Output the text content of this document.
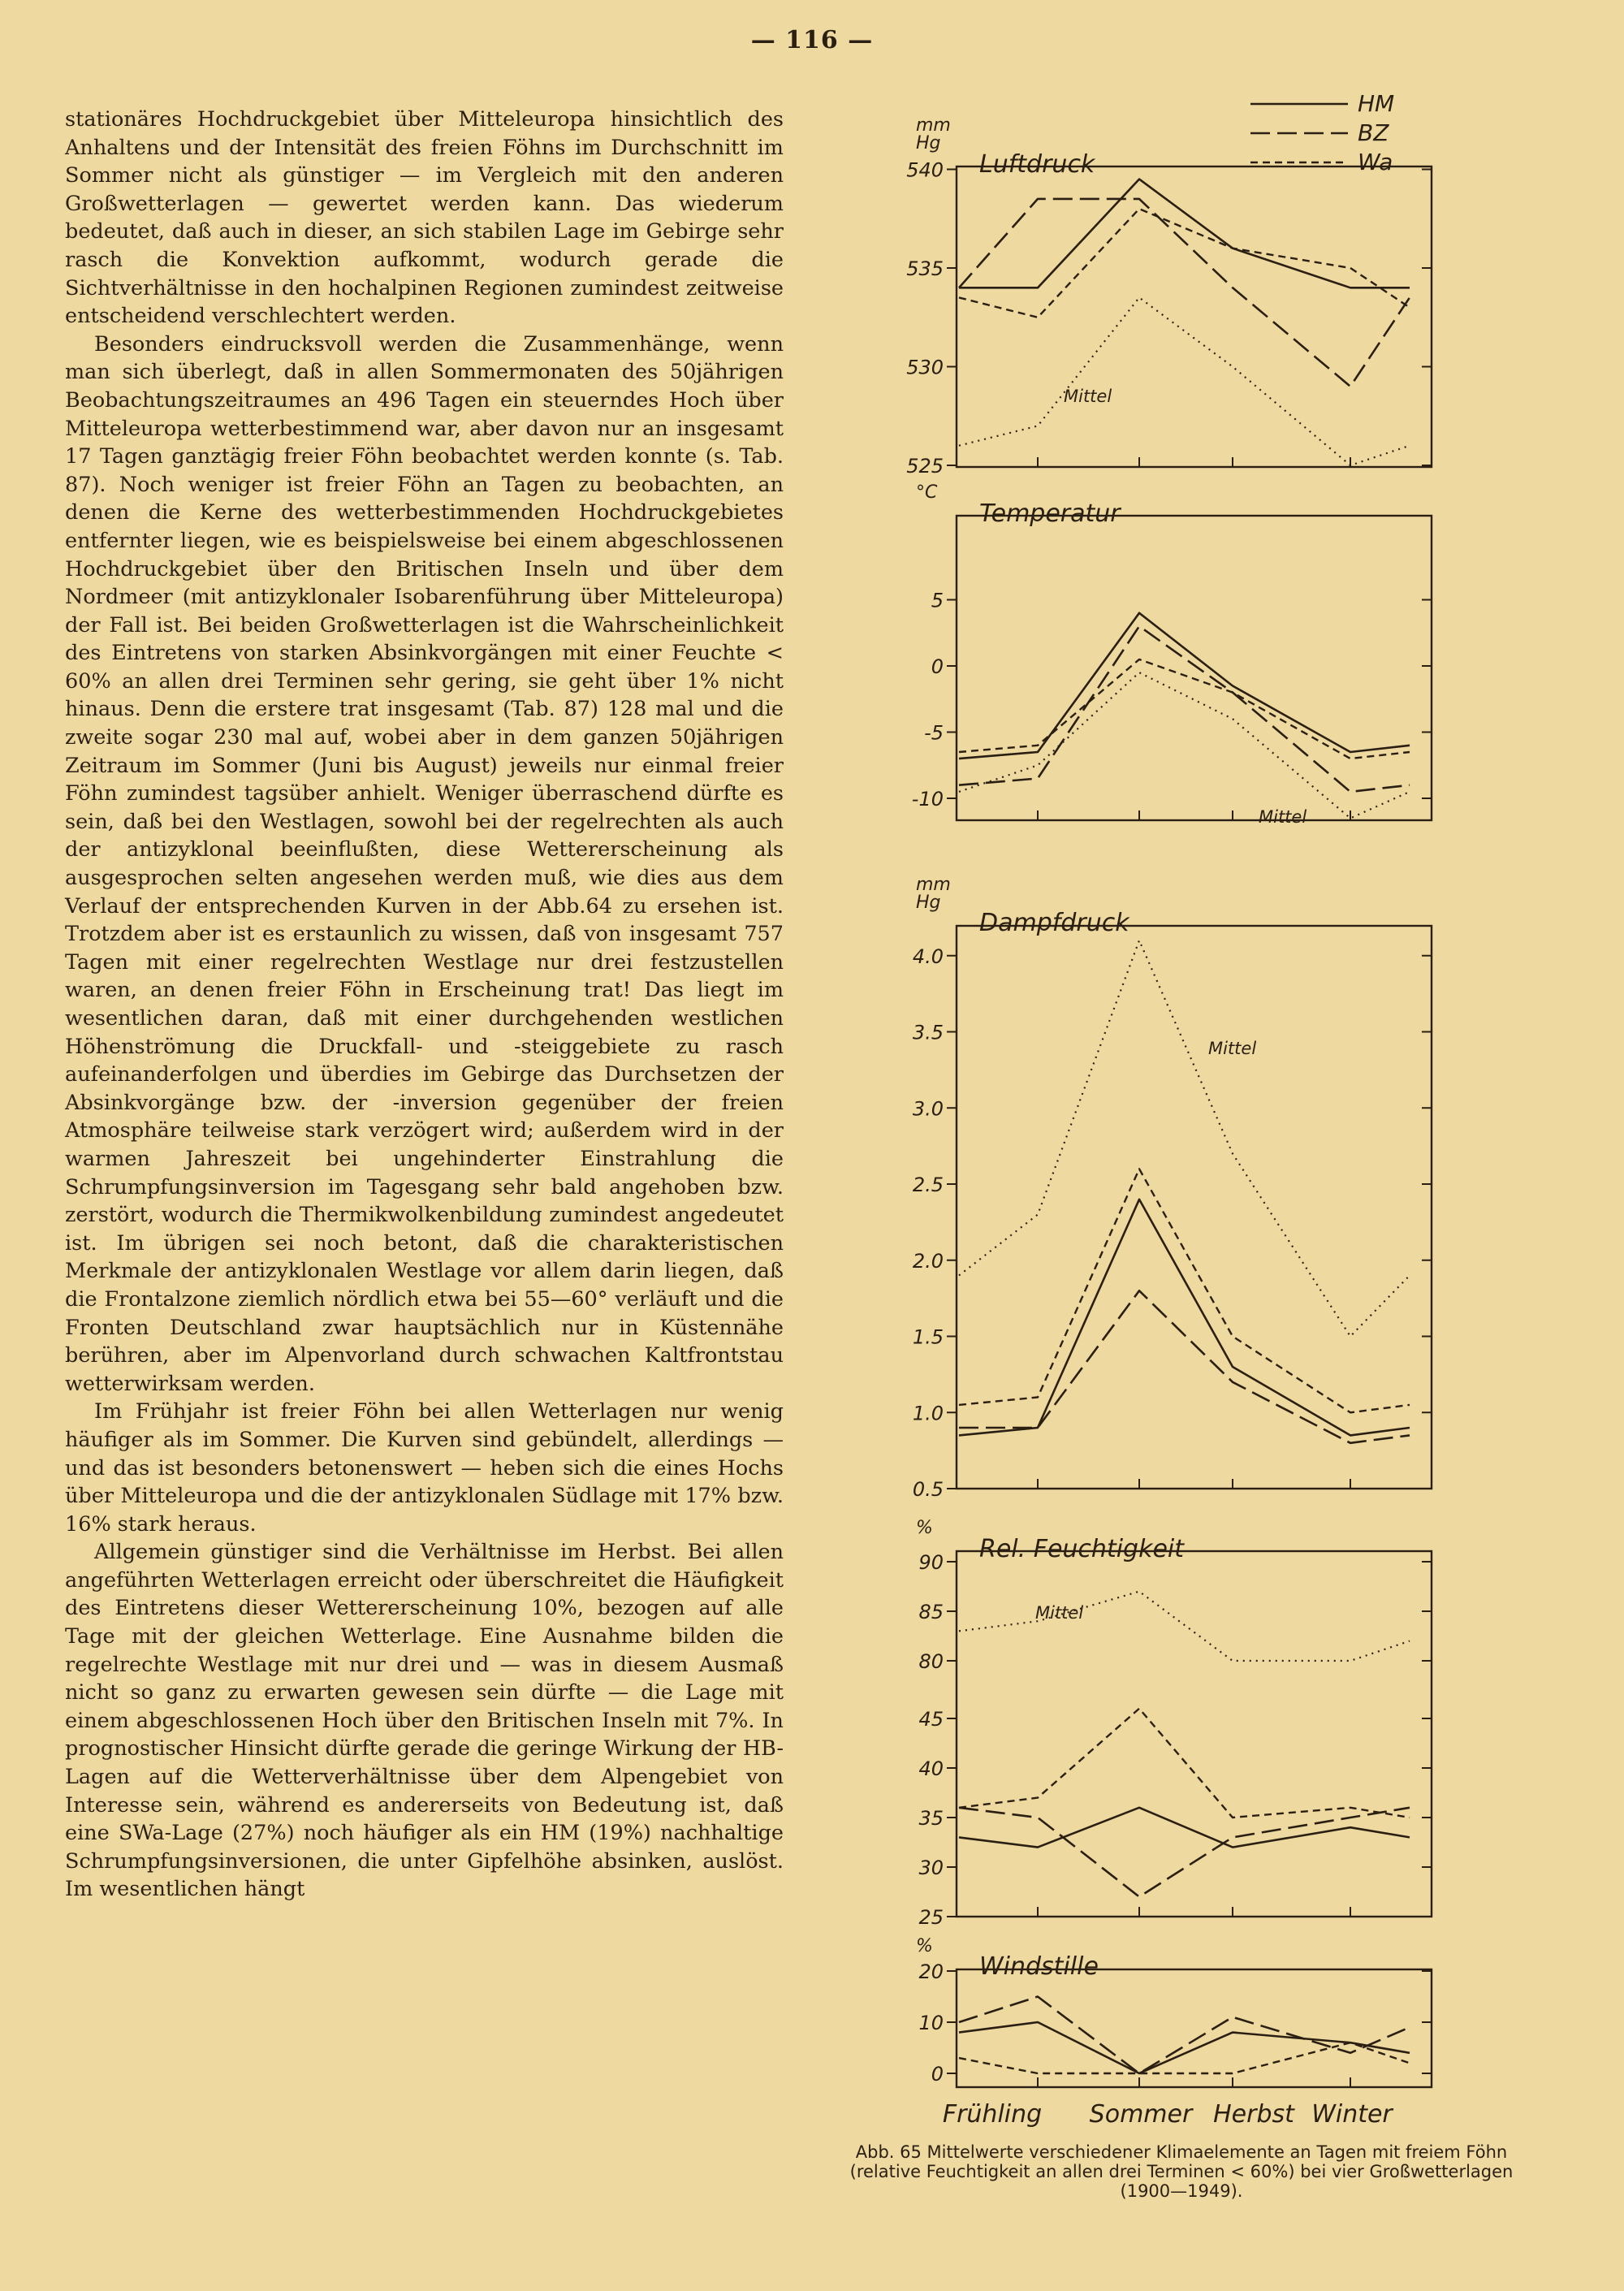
— 116 —

stationäres Hochdruckgebiet über Mitteleuropa hinsichtlich des Anhaltens und der Intensität des freien Föhns im Durchschnitt im Sommer nicht als günstiger — im Vergleich mit den anderen Großwetterlagen — gewertet werden kann. Das wiederum bedeutet, daß auch in dieser, an sich stabilen Lage im Gebirge sehr rasch die Konvektion aufkommt, wodurch gerade die Sichtverhältnisse in den hochalpinen Regionen zumindest zeitweise entscheidend verschlechtert werden.

Besonders eindrucksvoll werden die Zusammenhänge, wenn man sich überlegt, daß in allen Sommermonaten des 50jährigen Beobachtungszeitraumes an 496 Tagen ein steuerndes Hoch über Mitteleuropa wetterbestimmend war, aber davon nur an insgesamt 17 Tagen ganztägig freier Föhn beobachtet werden konnte (s. Tab. 87). Noch weniger ist freier Föhn an Tagen zu beobachten, an denen die Kerne des wetterbestimmenden Hochdruckgebietes entfernter liegen, wie es beispielsweise bei einem abgeschlossenen Hochdruckgebiet über den Britischen Inseln und über dem Nordmeer (mit antizyklonaler Isobarenführung über Mitteleuropa) der Fall ist. Bei beiden Großwetterlagen ist die Wahrscheinlichkeit des Eintretens von starken Absinkvorgängen mit einer Feuchte < 60% an allen drei Terminen sehr gering, sie geht über 1% nicht hinaus. Denn die erstere trat insgesamt (Tab. 87) 128 mal und die zweite sogar 230 mal auf, wobei aber in dem ganzen 50jährigen Zeitraum im Sommer (Juni bis August) jeweils nur einmal freier Föhn zumindest tagsüber anhielt. Weniger überraschend dürfte es sein, daß bei den Westlagen, sowohl bei der regelrechten als auch der antizyklonal beeinflußten, diese Wettererscheinung als ausgesprochen selten angesehen werden muß, wie dies aus dem Verlauf der entsprechenden Kurven in der Abb.64 zu ersehen ist. Trotzdem aber ist es erstaunlich zu wissen, daß von insgesamt 757 Tagen mit einer regelrechten Westlage nur drei festzustellen waren, an denen freier Föhn in Erscheinung trat! Das liegt im wesentlichen daran, daß mit einer durchgehenden westlichen Höhenströmung die Druckfall- und -steiggebiete zu rasch aufeinanderfolgen und überdies im Gebirge das Durchsetzen der Absinkvorgänge bzw. der -inversion gegenüber der freien Atmosphäre teilweise stark verzögert wird; außerdem wird in der warmen Jahreszeit bei ungehinderter Einstrahlung die Schrumpfungsinversion im Tagesgang sehr bald angehoben bzw. zerstört, wodurch die Thermikwolkenbildung zumindest angedeutet ist. Im übrigen sei noch betont, daß die charakteristischen Merkmale der antizyklonalen Westlage vor allem darin liegen, daß die Frontalzone ziemlich nördlich etwa bei 55—60° verläuft und die Fronten Deutschland zwar hauptsächlich nur in Küstennähe berühren, aber im Alpenvorland durch schwachen Kaltfrontstau wetterwirksam werden.

Im Frühjahr ist freier Föhn bei allen Wetterlagen nur wenig häufiger als im Sommer. Die Kurven sind gebündelt, allerdings — und das ist besonders betonenswert — heben sich die eines Hochs über Mitteleuropa und die der antizyklonalen Südlage mit 17% bzw. 16% stark heraus.

Allgemein günstiger sind die Verhältnisse im Herbst. Bei allen angeführten Wetterlagen erreicht oder überschreitet die Häufigkeit des Eintretens dieser Wettererscheinung 10%, bezogen auf alle Tage mit der gleichen Wetterlage. Eine Ausnahme bilden die regelrechte Westlage mit nur drei und — was in diesem Ausmaß nicht so ganz zu erwarten gewesen sein dürfte — die Lage mit einem abgeschlossenen Hoch über den Britischen Inseln mit 7%. In prognostischer Hinsicht dürfte gerade die geringe Wirkung der HB-Lagen auf die Wetterverhältnisse über dem Alpengebiet von Interesse sein, während es andererseits von Bedeutung ist, daß eine SWa-Lage (27%) noch häufiger als ein HM (19%) nachhaltige Schrumpfungsinversionen, die unter Gipfelhöhe absinken, auslöst. Im wesentlichen hängt

HM
BZ
Wa
Luftdruck
mm
Hg
540
535
530
525
Mittel
Temperatur
°C
5
0
-5
-10
Mittel
Dampfdruck
mm
Hg
4.0
3.5
3.0
2.5
2.0
1.5
1.0
0.5
Mittel
Rel. Feuchtigkeit
%
90
85
80
45
40
35
30
25
Mittel
Windstille
%
20
10
0
Frühling Sommer Herbst Winter
Abb. 65 Mittelwerte verschiedener Klimaelemente an Tagen mit freiem Föhn (relative Feuchtigkeit an allen drei Terminen < 60%) bei vier Großwetterlagen (1900—1949).
